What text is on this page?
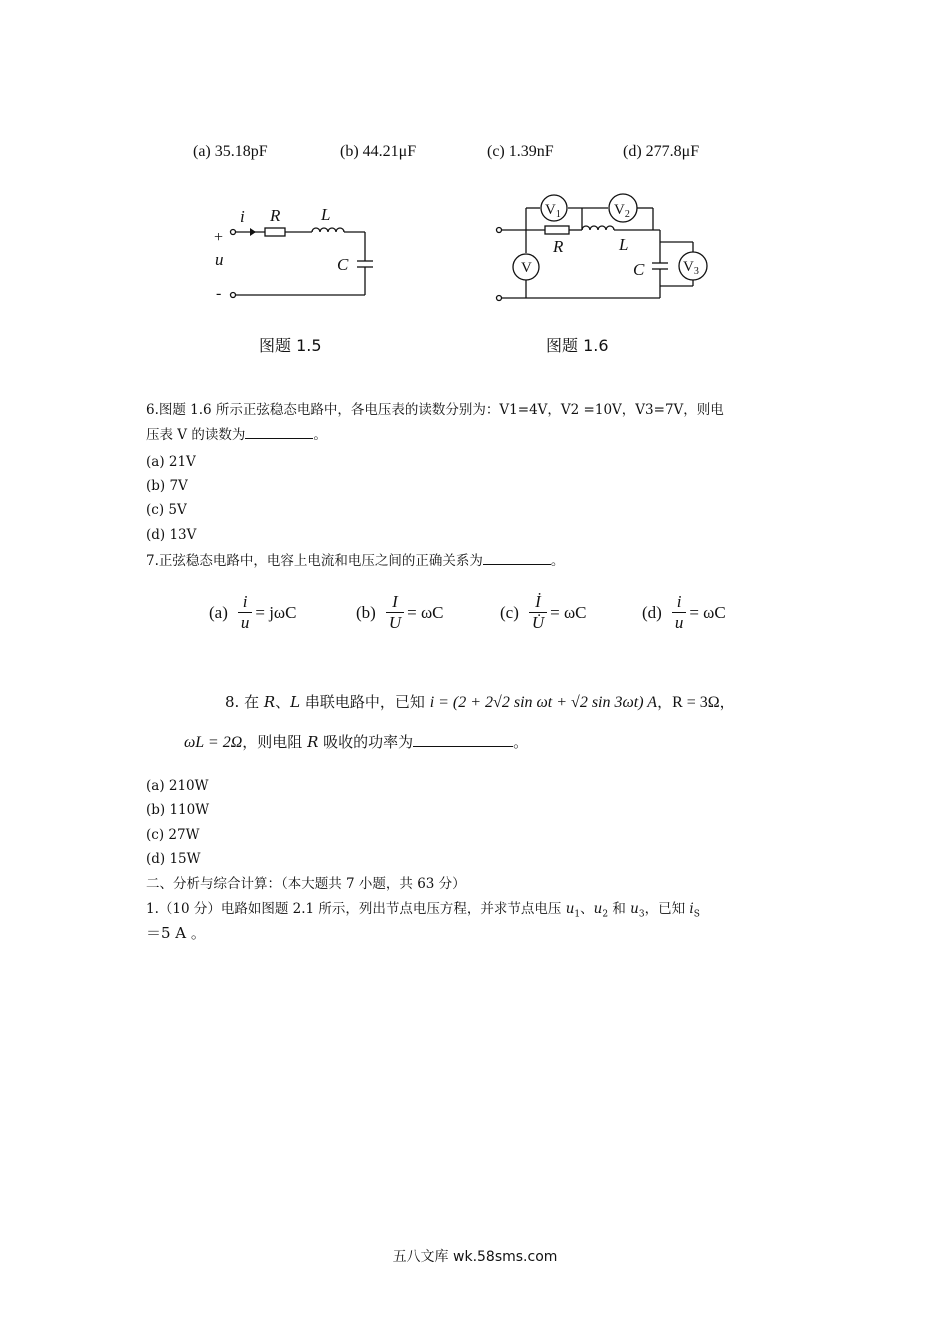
(a) 35.18pF	(b) 44.21μF	(c) 1.39nF	(d) 277.8μF
i R L
C
u
+
-
$V_1$	$V_2$
V	$V_3$
R	L
C
图题 1.5	图题 1.6
6.图题 1.6 所示正弦稳态电路中，各电压表的读数分别为：V1=4V，V2 =10V，V3=7V，则电
压表 V 的读数为	。
(a) 21V
(b) 7V
(c) 5V
(d) 13V
7.正弦稳态电路中，电容上电流和电压之间的正确关系为	。
$(a) \frac{i}{u} = j\omega C$	$(b) \frac{I}{U} = \omega C$	$(c) \frac{İ}{U̇} = \omega C$	$(d) \frac{i}{u} = \omega C$
8. 在 R、L 串联电路中，已知 i = (2 + 2√2 sin ωt + √2 sin 3ωt) A，R = 3Ω，
ωL = 2Ω，则电阻 R 吸收的功率为	。
(a) 210W
(b) 110W
(c) 27W
(d) 15W
二、分析与综合计算：（本大题共 7 小题，共 63 分）
1.（10 分）电路如图题 2.1 所示，列出节点电压方程，并求节点电压 $u_1$、$u_2$ 和 $u_3$，已知 $i_S$
＝5 A 。
五八文库 wk.58sms.com
